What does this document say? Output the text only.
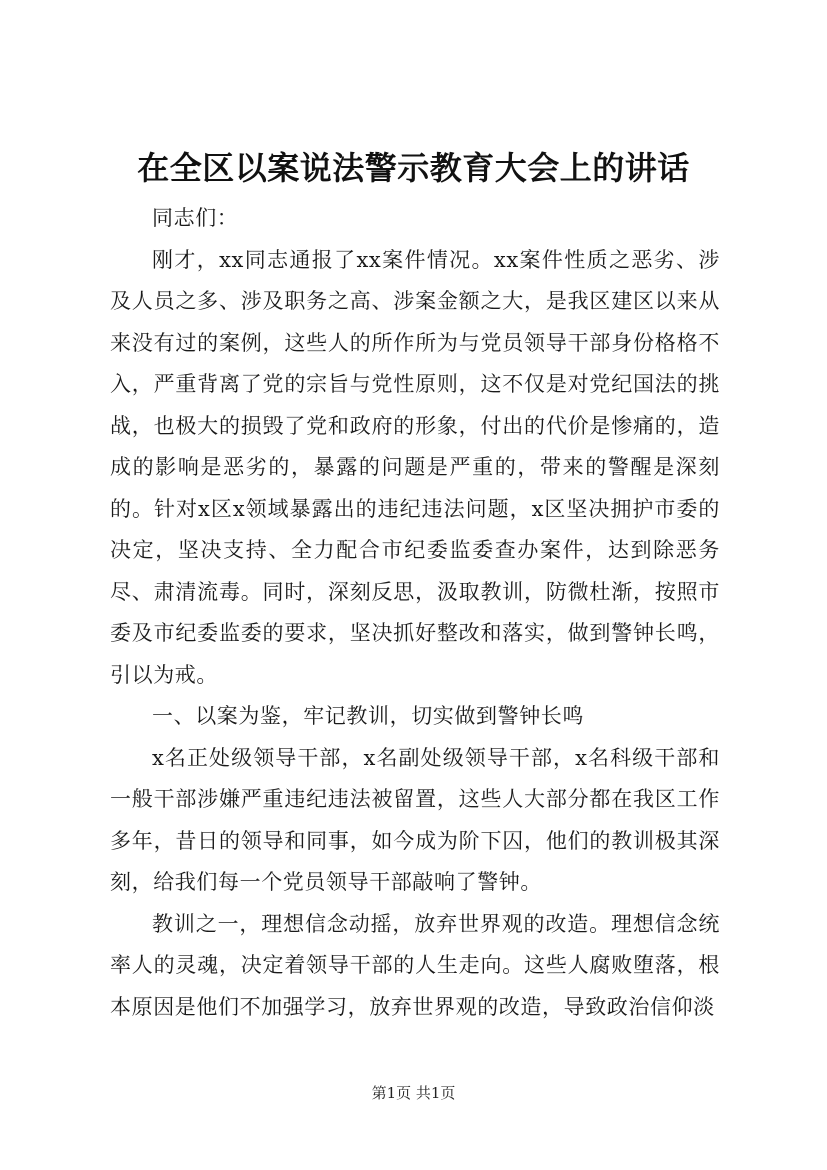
在全区以案说法警示教育大会上的讲话

同志们：

刚才，xx同志通报了xx案件情况。xx案件性质之恶劣、涉及人员之多、涉及职务之高、涉案金额之大，是我区建区以来从来没有过的案例，这些人的所作所为与党员领导干部身份格格不入，严重背离了党的宗旨与党性原则，这不仅是对党纪国法的挑战，也极大的损毁了党和政府的形象，付出的代价是惨痛的，造成的影响是恶劣的，暴露的问题是严重的，带来的警醒是深刻的。针对x区x领域暴露出的违纪违法问题，x区坚决拥护市委的决定，坚决支持、全力配合市纪委监委查办案件，达到除恶务尽、肃清流毒。同时，深刻反思，汲取教训，防微杜渐，按照市委及市纪委监委的要求，坚决抓好整改和落实，做到警钟长鸣，引以为戒。

一、以案为鉴，牢记教训，切实做到警钟长鸣

x名正处级领导干部，x名副处级领导干部，x名科级干部和一般干部涉嫌严重违纪违法被留置，这些人大部分都在我区工作多年，昔日的领导和同事，如今成为阶下囚，他们的教训极其深刻，给我们每一个党员领导干部敲响了警钟。

教训之一，理想信念动摇，放弃世界观的改造。理想信念统率人的灵魂，决定着领导干部的人生走向。这些人腐败堕落，根本原因是他们不加强学习，放弃世界观的改造，导致政治信仰淡

第1页 共1页
